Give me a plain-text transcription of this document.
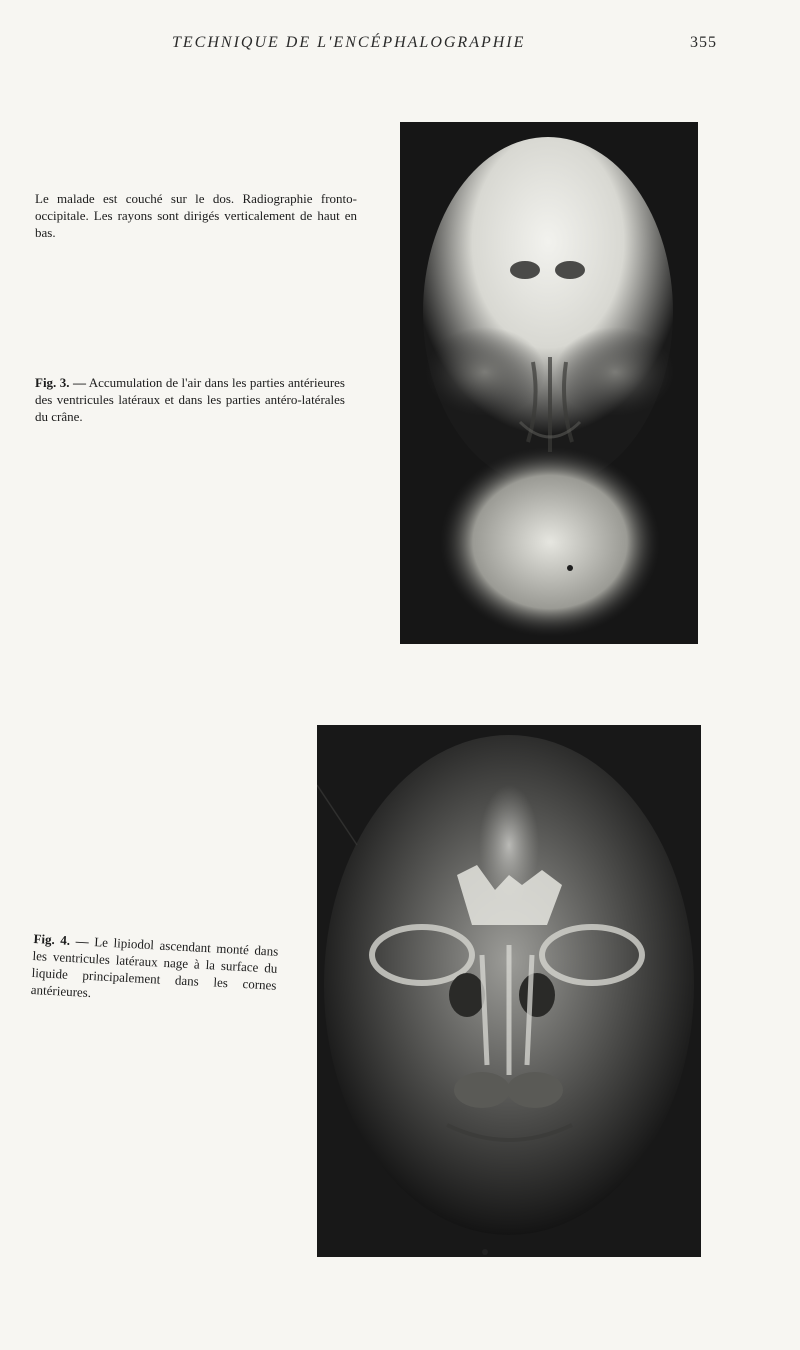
TECHNIQUE DE L'ENCÉPHALOGRAPHIE	355

Le malade est couché sur le dos. Radiographie fronto-occipitale. Les rayons sont dirigés verticalement de haut en bas.

Fig. 3. — Accumulation de l'air dans les parties antérieures des ventricules latéraux et dans les parties antéro-latérales du crâne.

Fig. 4. — Le lipiodol ascendant monté dans les ventricules latéraux nage à la surface du liquide principalement dans les cornes antérieures.
